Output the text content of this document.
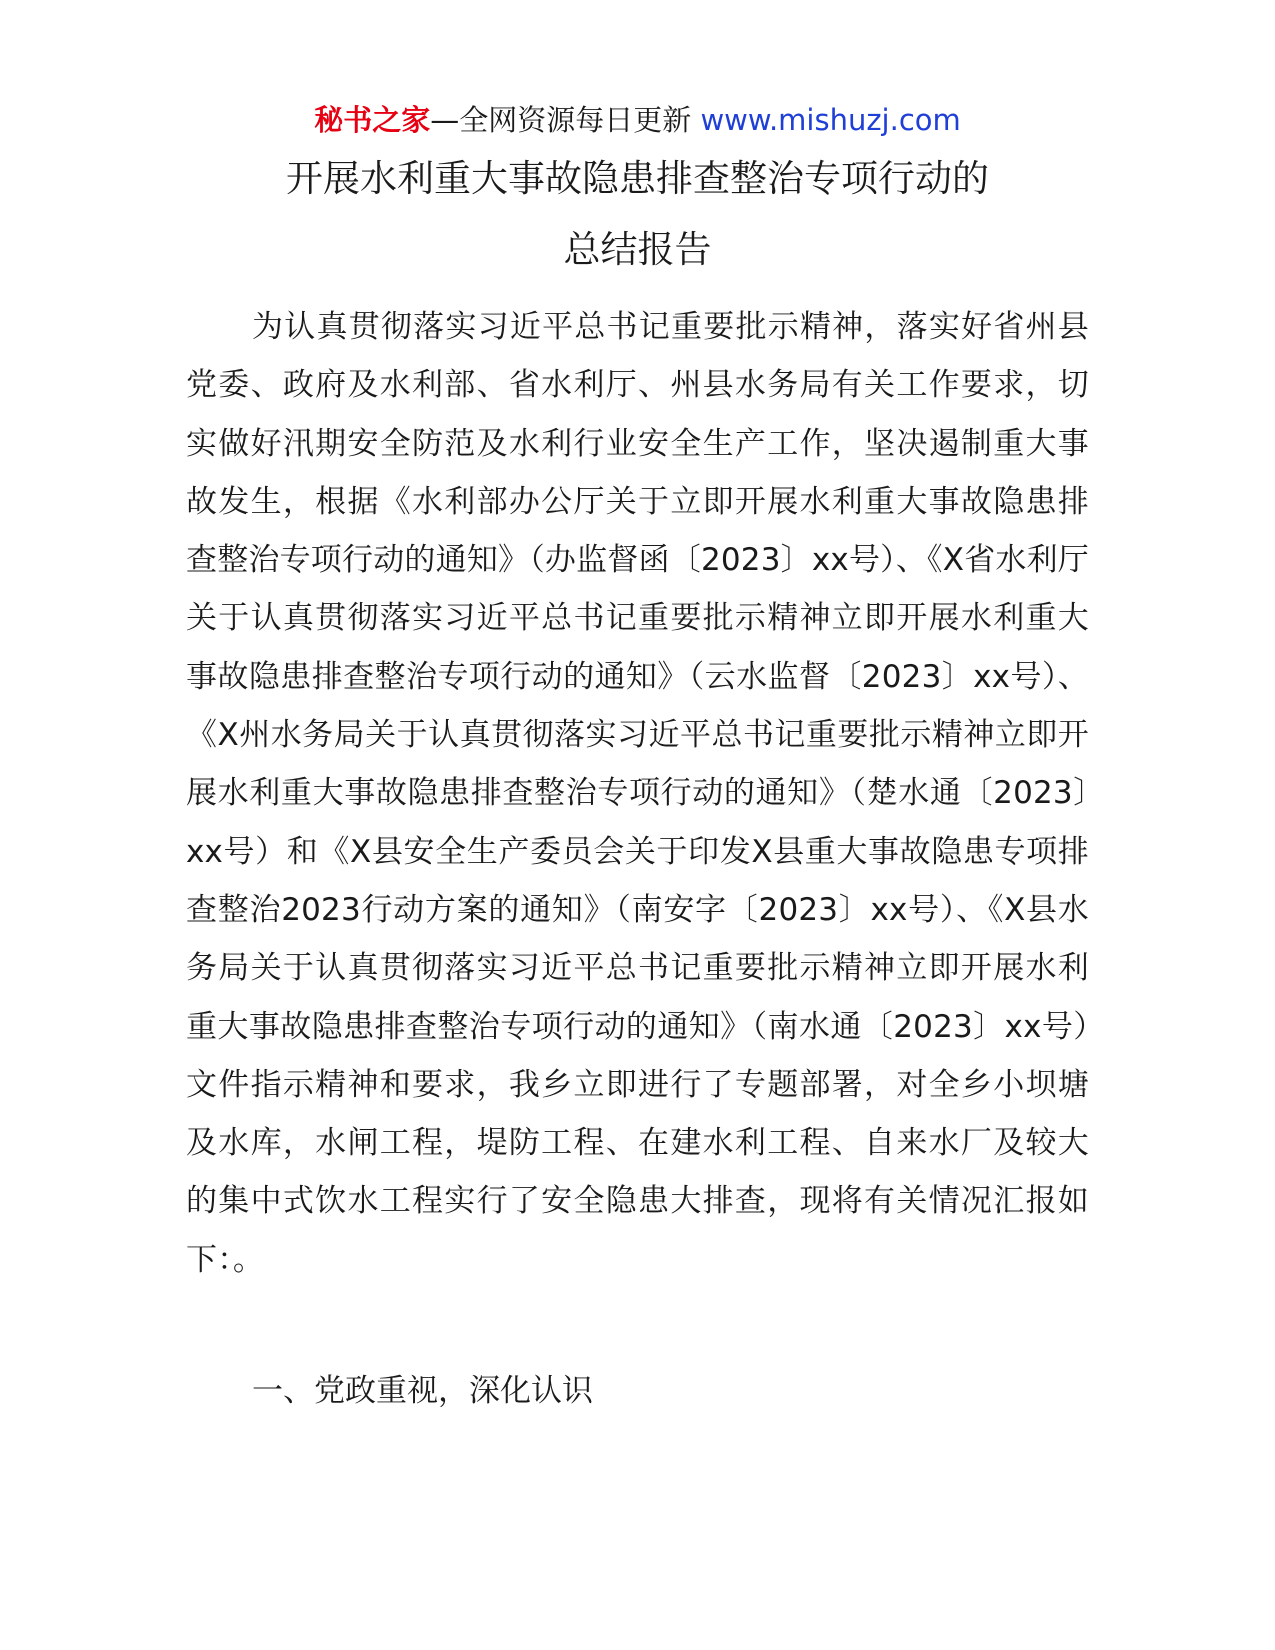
秘书之家—全网资源每日更新 www.mishuzj.com
开展水利重大事故隐患排查整治专项行动的
总结报告

为认真贯彻落实习近平总书记重要批示精神，落实好省州县党委、政府及水利部、省水利厅、州县水务局有关工作要求，切实做好汛期安全防范及水利行业安全生产工作，坚决遏制重大事故发生，根据《水利部办公厅关于立即开展水利重大事故隐患排查整治专项行动的通知》（办监督函〔2023〕xx号）、《X省水利厅关于认真贯彻落实习近平总书记重要批示精神立即开展水利重大事故隐患排查整治专项行动的通知》（云水监督〔2023〕xx号）、《X州水务局关于认真贯彻落实习近平总书记重要批示精神立即开展水利重大事故隐患排查整治专项行动的通知》（楚水通〔2023〕xx号）和《X县安全生产委员会关于印发X县重大事故隐患专项排查整治2023行动方案的通知》（南安字〔2023〕xx号）、《X县水务局关于认真贯彻落实习近平总书记重要批示精神立即开展水利重大事故隐患排查整治专项行动的通知》（南水通〔2023〕xx号）文件指示精神和要求，我乡立即进行了专题部署，对全乡小坝塘及水库，水闸工程，堤防工程、在建水利工程、自来水厂及较大的集中式饮水工程实行了安全隐患大排查，现将有关情况汇报如下：。

一、党政重视，深化认识
